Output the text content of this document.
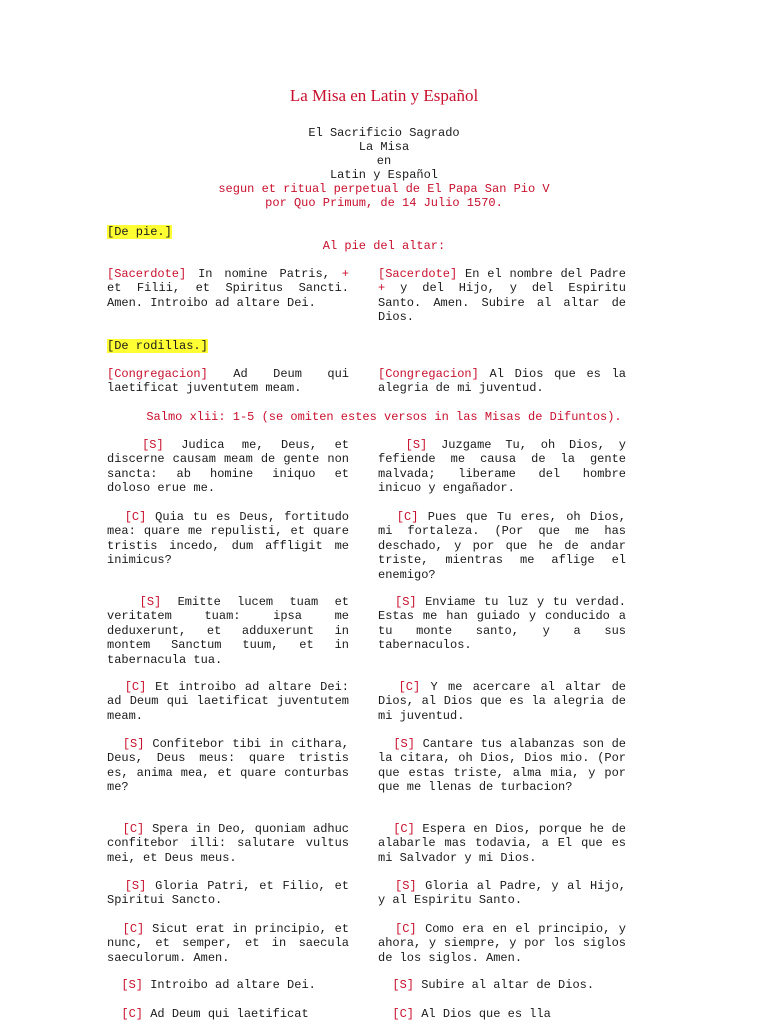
La Misa en Latin y Español
El Sacrificio Sagrado
La Misa
en
Latin y Español
segun et ritual perpetual de El Papa San Pio V
por Quo Primum, de 14 Julio 1570.
[De pie.]
Al pie del altar:
[Sacerdote] In nomine Patris, + et Filii, et Spiritus Sancti. Amen. Introibo ad altare Dei.
[Sacerdote] En el nombre del Padre + y del Hijo, y del Espiritu Santo. Amen. Subire al altar de Dios.
[De rodillas.]
[Congregacion] Ad Deum qui laetificat juventutem meam.
[Congregacion] Al Dios que es la alegria de mi juventud.
Salmo xlii: 1-5 (se omiten estes versos in las Misas de Difuntos).
[S] Judica me, Deus, et discerne causam meam de gente non sancta: ab homine iniquo et doloso erue me.
[S] Juzgame Tu, oh Dios, y fefiende me causa de la gente malvada; liberame del hombre inicuo y engañador.
[C] Quia tu es Deus, fortitudo mea: quare me repulisti, et quare tristis incedo, dum affligit me inimicus?
[C] Pues que Tu eres, oh Dios, mi fortaleza. (Por que me has deschado, y por que he de andar triste, mientras me aflige el enemigo?
[S] Emitte lucem tuam et veritatem tuam: ipsa me deduxerunt, et adduxerunt in montem Sanctum tuum, et in tabernacula tua.
[S] Enviame tu luz y tu verdad. Estas me han guiado y conducido a tu monte santo, y a sus tabernaculos.
[C] Et introibo ad altare Dei: ad Deum qui laetificat juventutem meam.
[C] Y me acercare al altar de Dios, al Dios que es la alegria de mi juventud.
[S] Confitebor tibi in cithara, Deus, Deus meus: quare tristis es, anima mea, et quare conturbas me?
[S] Cantare tus alabanzas son de la citara, oh Dios, Dios mio. (Por que estas triste, alma mia, y por que me llenas de turbacion?
[C] Spera in Deo, quoniam adhuc confitebor illi: salutare vultus mei, et Deus meus.
[C] Espera en Dios, porque he de alabarle mas todavia, a El que es mi Salvador y mi Dios.
[S] Gloria Patri, et Filio, et Spiritui Sancto.
[S] Gloria al Padre, y al Hijo, y al Espiritu Santo.
[C] Sicut erat in principio, et nunc, et semper, et in saecula saeculorum. Amen.
[C] Como era en el principio, y ahora, y siempre, y por los siglos de los siglos. Amen.
[S] Introibo ad altare Dei.	[S] Subire al altar de Dios.
[C] Ad Deum qui laetificat	[C] Al Dios que es lla
